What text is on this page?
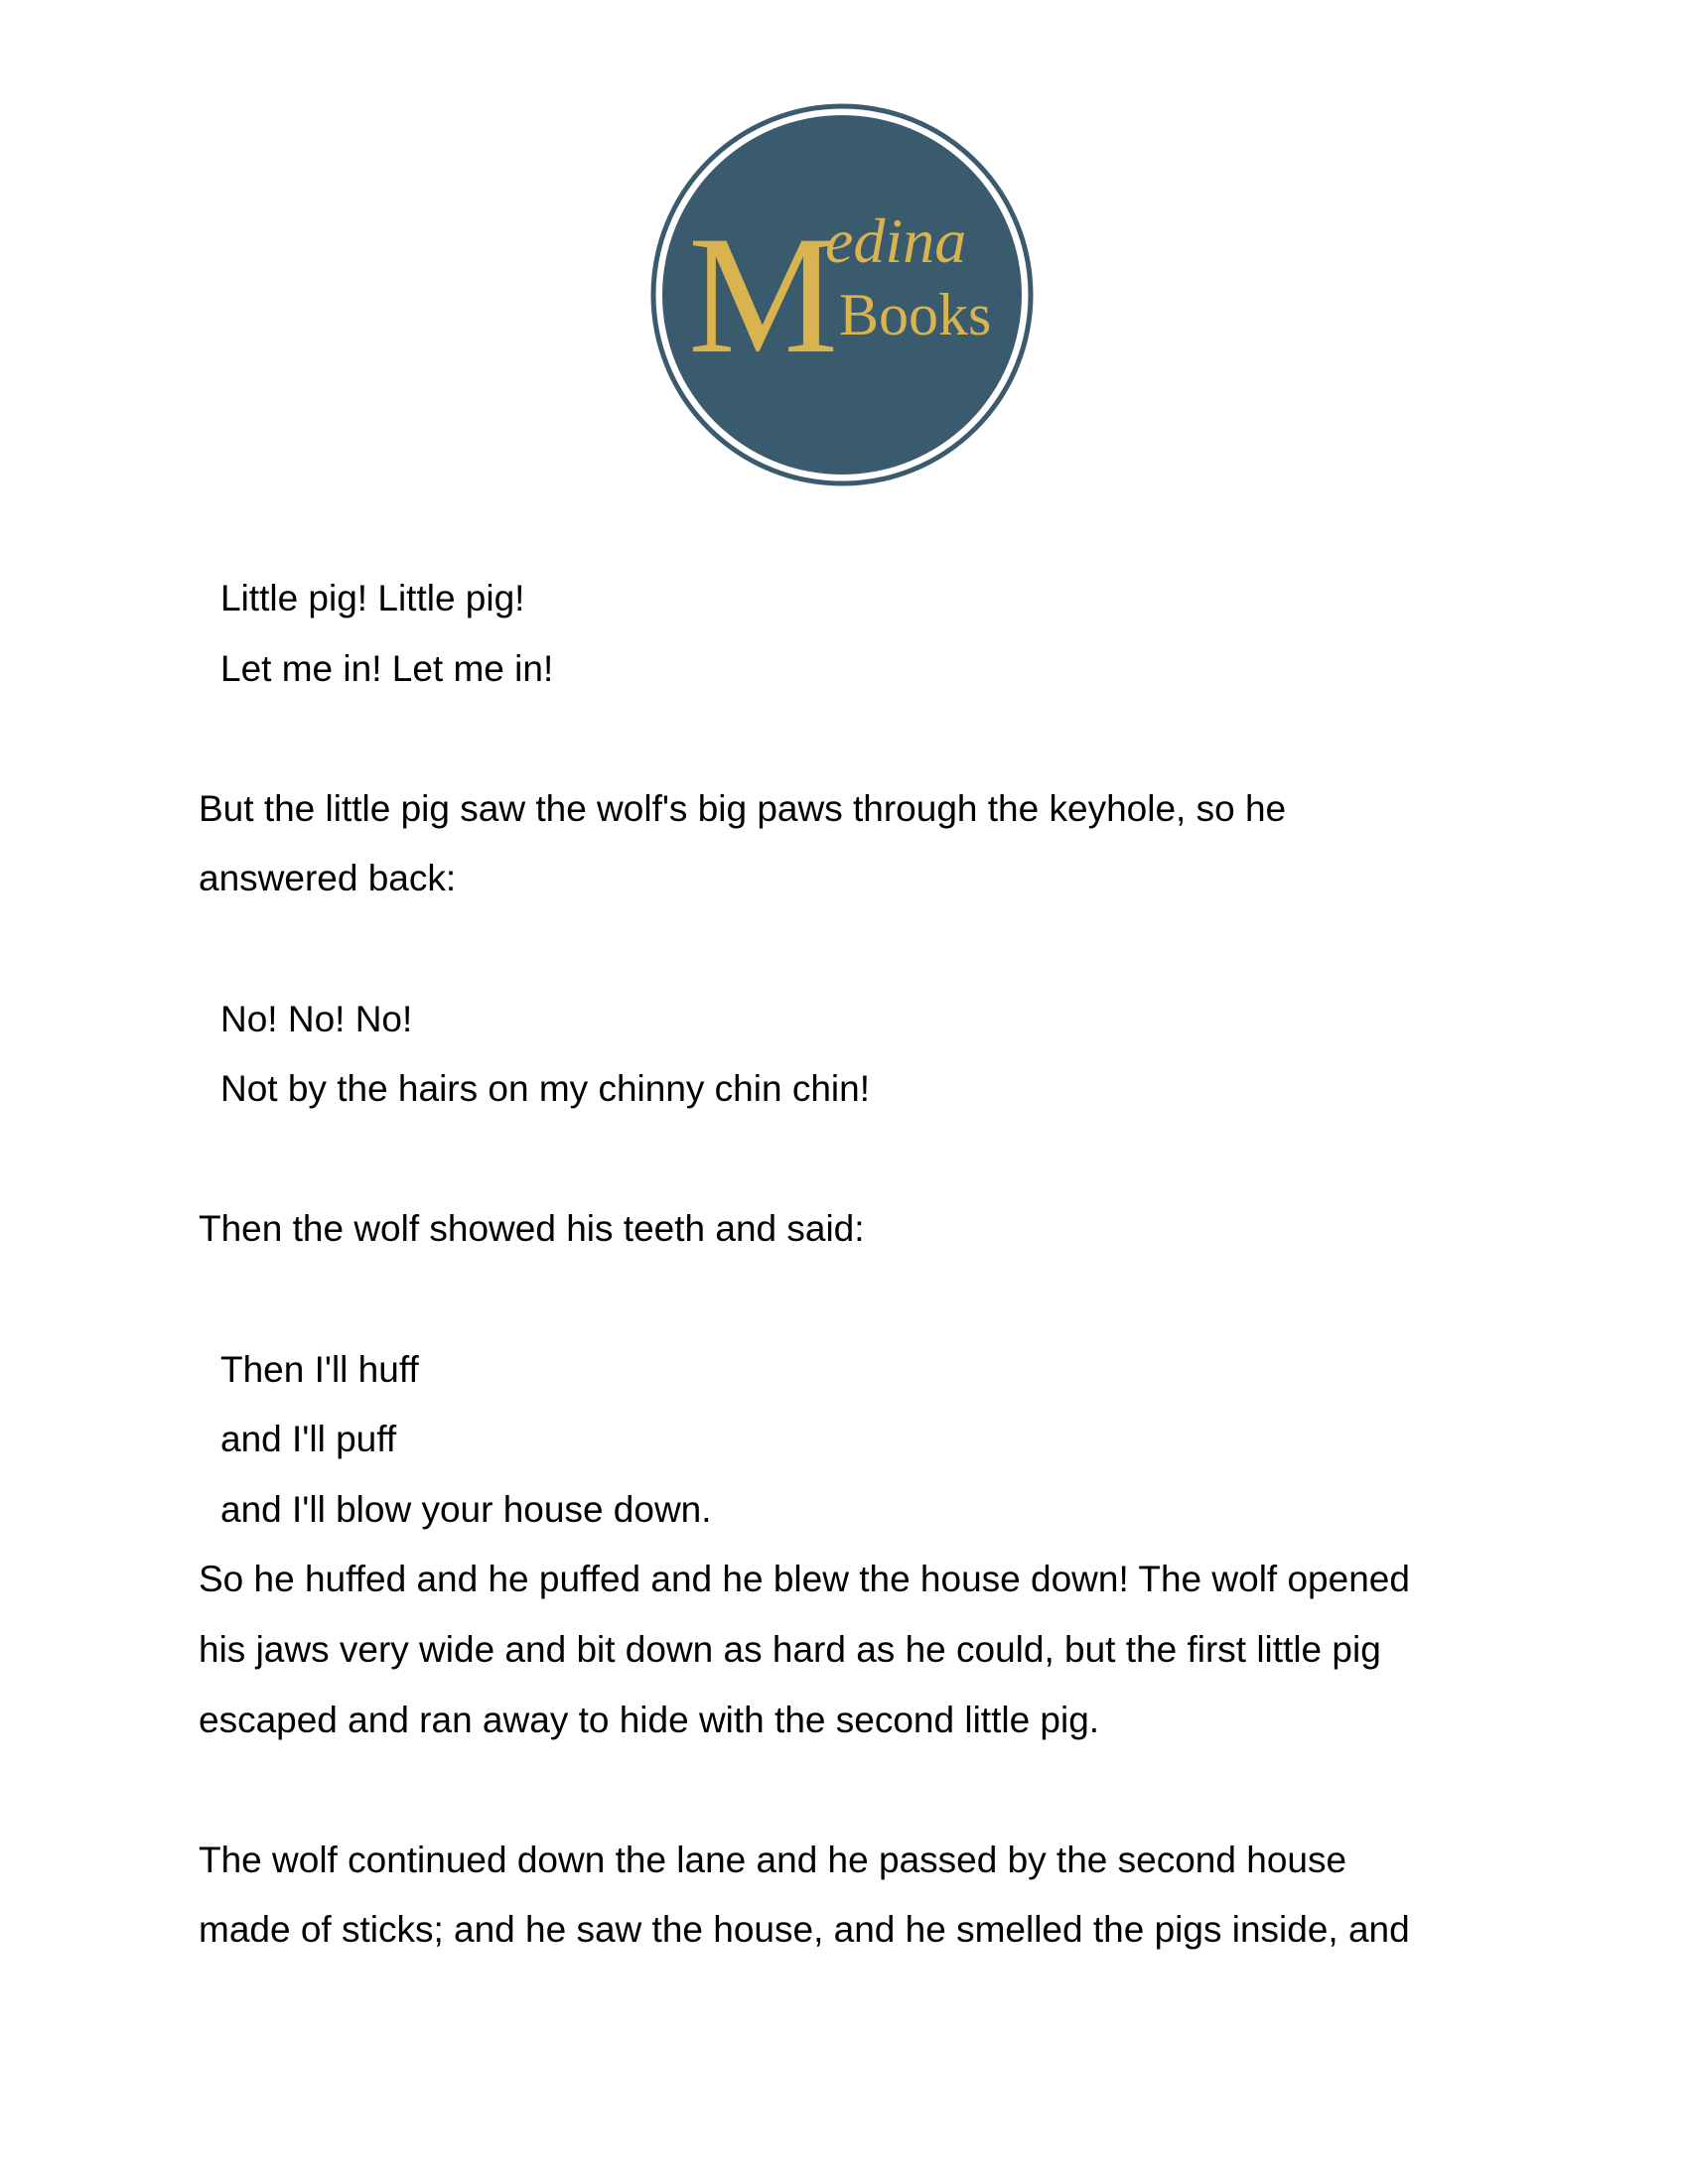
M
edina
Books

Little pig! Little pig!

Let me in! Let me in!

But the little pig saw the wolf's big paws through the keyhole, so he

answered back:

No! No! No!

Not by the hairs on my chinny chin chin!

Then the wolf showed his teeth and said:

Then I'll huff

and I'll puff

and I'll blow your house down.

So he huffed and he puffed and he blew the house down! The wolf opened

his jaws very wide and bit down as hard as he could, but the first little pig

escaped and ran away to hide with the second little pig.

The wolf continued down the lane and he passed by the second house

made of sticks; and he saw the house, and he smelled the pigs inside, and
